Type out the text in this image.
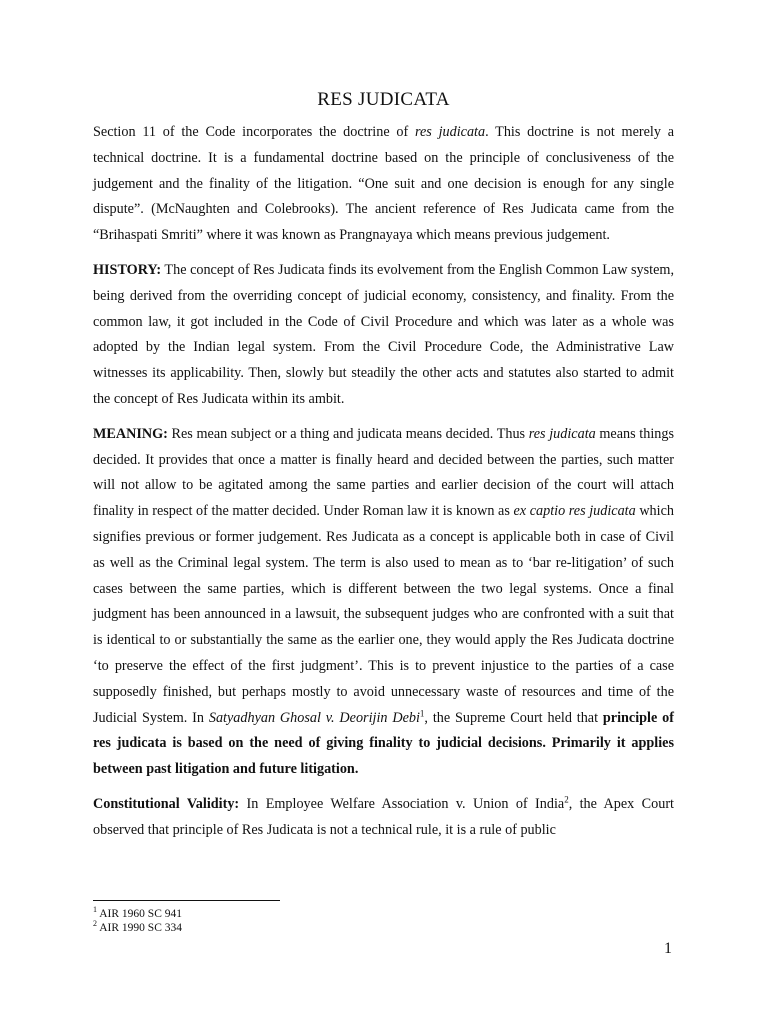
RES JUDICATA

Section 11 of the Code incorporates the doctrine of res judicata. This doctrine is not merely a technical doctrine. It is a fundamental doctrine based on the principle of conclusiveness of the judgement and the finality of the litigation. “One suit and one decision is enough for any single dispute”. (McNaughten and Colebrooks). The ancient reference of Res Judicata came from the “Brihaspati Smriti” where it was known as Prangnayaya which means previous judgement.

HISTORY: The concept of Res Judicata finds its evolvement from the English Common Law system, being derived from the overriding concept of judicial economy, consistency, and finality. From the common law, it got included in the Code of Civil Procedure and which was later as a whole was adopted by the Indian legal system. From the Civil Procedure Code, the Administrative Law witnesses its applicability. Then, slowly but steadily the other acts and statutes also started to admit the concept of Res Judicata within its ambit.

MEANING: Res mean subject or a thing and judicata means decided. Thus res judicata means things decided. It provides that once a matter is finally heard and decided between the parties, such matter will not allow to be agitated among the same parties and earlier decision of the court will attach finality in respect of the matter decided. Under Roman law it is known as ex captio res judicata which signifies previous or former judgement. Res Judicata as a concept is applicable both in case of Civil as well as the Criminal legal system. The term is also used to mean as to ‘bar re-litigation’ of such cases between the same parties, which is different between the two legal systems. Once a final judgment has been announced in a lawsuit, the subsequent judges who are confronted with a suit that is identical to or substantially the same as the earlier one, they would apply the Res Judicata doctrine ‘to preserve the effect of the first judgment’. This is to prevent injustice to the parties of a case supposedly finished, but perhaps mostly to avoid unnecessary waste of resources and time of the Judicial System. In Satyadhyan Ghosal v. Deorijin Debi$^1$, the Supreme Court held that principle of res judicata is based on the need of giving finality to judicial decisions. Primarily it applies between past litigation and future litigation.

Constitutional Validity: In Employee Welfare Association v. Union of India$^2$, the Apex Court observed that principle of Res Judicata is not a technical rule, it is a rule of public

$^1$ AIR 1960 SC 941
$^2$ AIR 1990 SC 334
1
